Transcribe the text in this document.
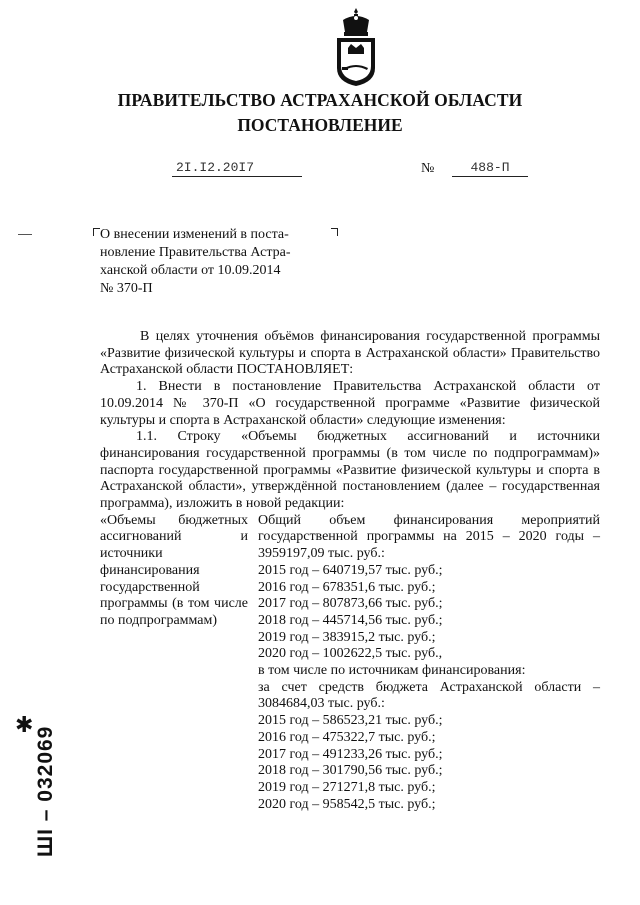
ПРАВИТЕЛЬСТВО АСТРАХАНСКОЙ ОБЛАСТИ
ПОСТАНОВЛЕНИЕ
2I.I2.20I7	№	488-П

О внесении изменений в поста-

новление Правительства Астра-

ханской области от 10.09.2014

№ 370-П

В целях уточнения объёмов финансирования государственной программы «Развитие физической культуры и спорта в Астраханской области» Правительство Астраханской области ПОСТАНОВЛЯЕТ:

1. Внести в постановление Правительства Астраханской области от 10.09.2014 № 370-П «О государственной программе «Развитие физической культуры и спорта в Астраханской области» следующие изменения:

1.1. Строку «Объемы бюджетных ассигнований и источники финансирования государственной программы (в том числе по подпрограммам)» паспорта государственной программы «Развитие физической культуры и спорта в Астраханской области», утверждённой постановлением (далее – государственная программа), изложить в новой редакции:

«Объемы бюджетных ассигнований и источники финансирования государственной программы (в том числе по подпрограммам)
Общий объем финансирования мероприятий государственной программы на 2015 – 2020 годы – 3959197,09 тыс. руб.:
2015 год – 640719,57 тыс. руб.;
2016 год – 678351,6 тыс. руб.;
2017 год – 807873,66 тыс. руб.;
2018 год – 445714,56 тыс. руб.;
2019 год – 383915,2 тыс. руб.;
2020 год – 1002622,5 тыс. руб.,
в том числе по источникам финансирования:
за счет средств бюджета Астраханской области – 3084684,03 тыс. руб.:
2015 год – 586523,21 тыс. руб.;
2016 год – 475322,7 тыс. руб.;
2017 год – 491233,26 тыс. руб.;
2018 год – 301790,56 тыс. руб.;
2019 год – 271271,8 тыс. руб.;
2020 год – 958542,5 тыс. руб.;
✱
ШІ – 032069
